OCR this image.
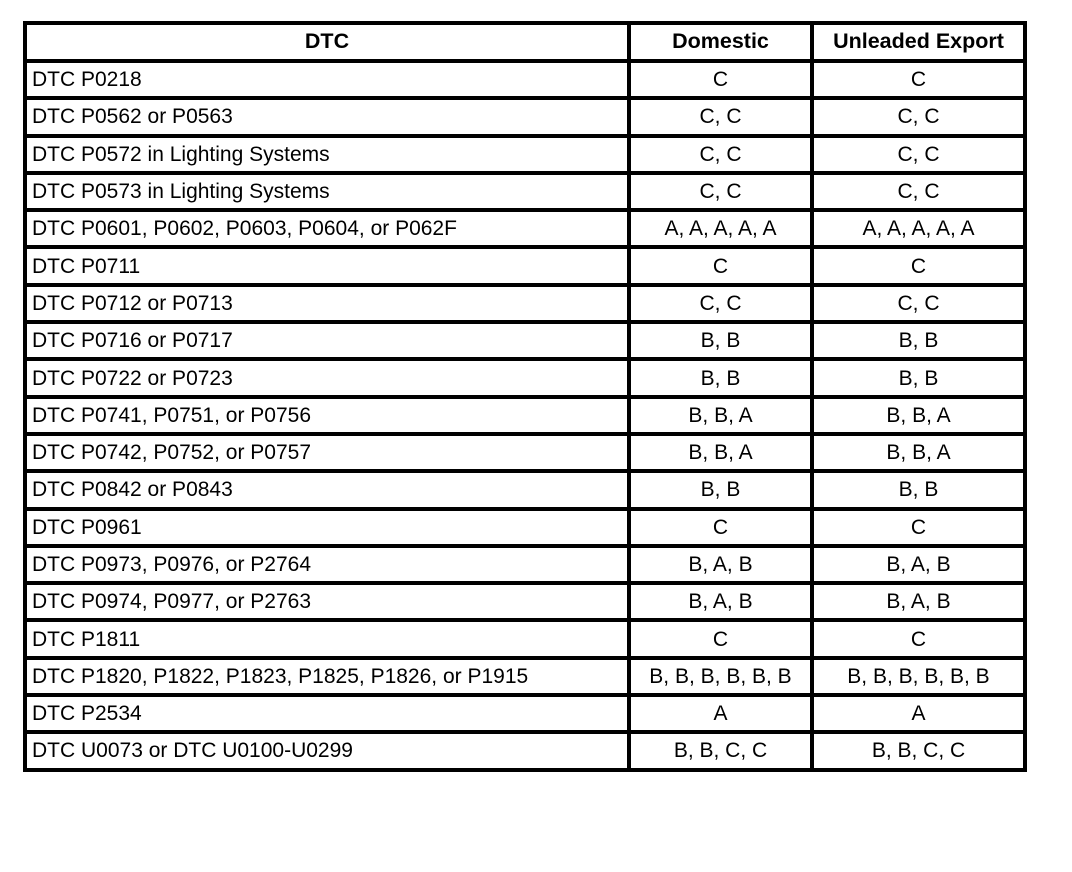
DTC	Domestic	Unleaded Export
DTC P0218	C	C
DTC P0562 or P0563	C, C	C, C
DTC P0572 in Lighting Systems	C, C	C, C
DTC P0573 in Lighting Systems	C, C	C, C
DTC P0601, P0602, P0603, P0604, or P062F	A, A, A, A, A	A, A, A, A, A
DTC P0711	C	C
DTC P0712 or P0713	C, C	C, C
DTC P0716 or P0717	B, B	B, B
DTC P0722 or P0723	B, B	B, B
DTC P0741, P0751, or P0756	B, B, A	B, B, A
DTC P0742, P0752, or P0757	B, B, A	B, B, A
DTC P0842 or P0843	B, B	B, B
DTC P0961	C	C
DTC P0973, P0976, or P2764	B, A, B	B, A, B
DTC P0974, P0977, or P2763	B, A, B	B, A, B
DTC P1811	C	C
DTC P1820, P1822, P1823, P1825, P1826, or P1915	B, B, B, B, B, B	B, B, B, B, B, B
DTC P2534	A	A
DTC U0073 or DTC U0100-U0299	B, B, C, C	B, B, C, C
